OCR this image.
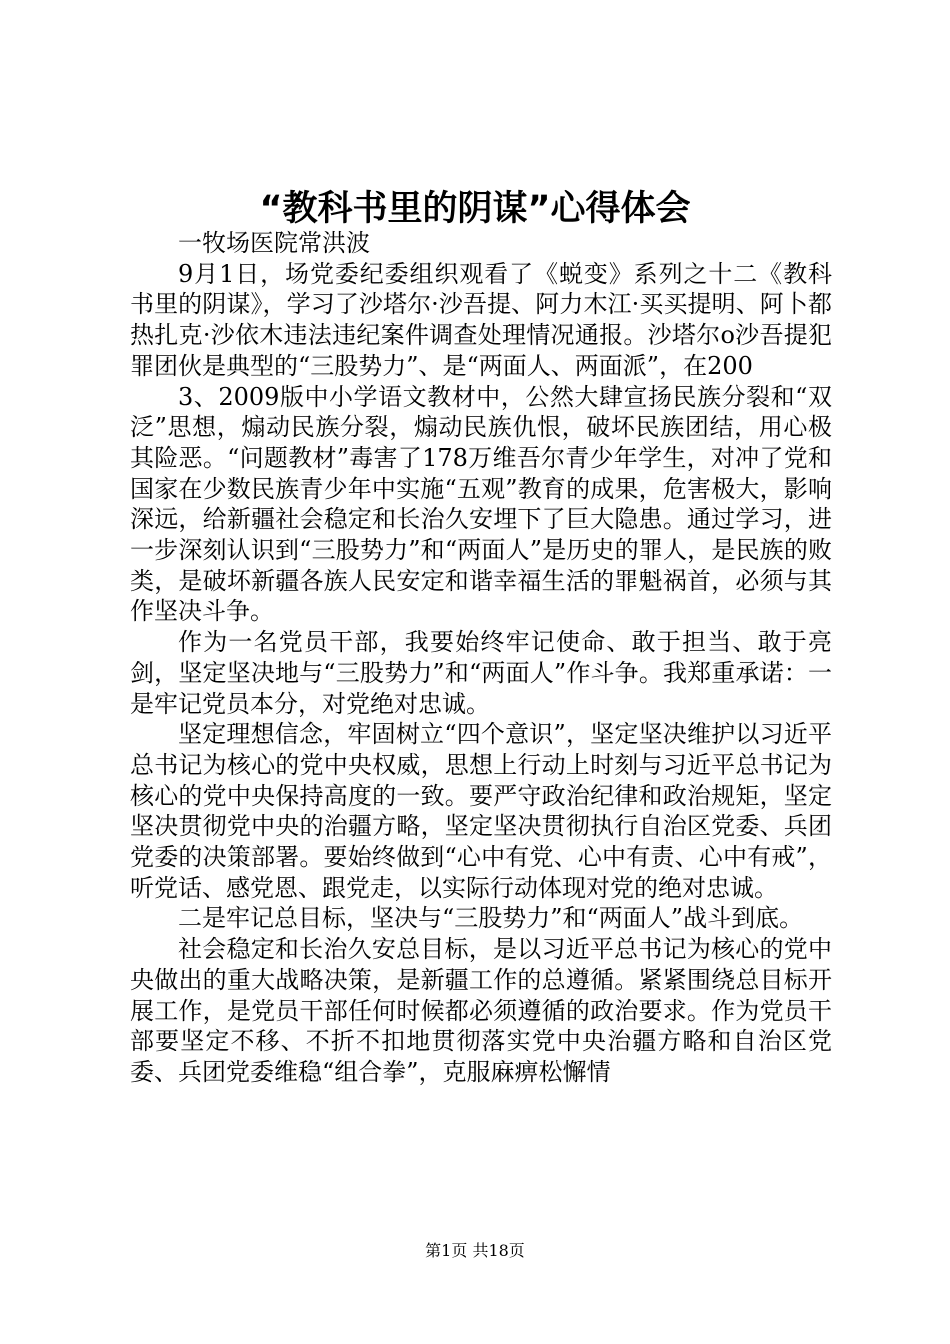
“教科书里的阴谋”心得体会

一牧场医院常洪波

9月1日，场党委纪委组织观看了《蜕变》系列之十二《教科书里的阴谋》，学习了沙塔尔·沙吾提、阿力木江·买买提明、阿卜都热扎克·沙依木违法违纪案件调查处理情况通报。沙塔尔o沙吾提犯罪团伙是典型的“三股势力”、是“两面人、两面派”，在200

3、2009版中小学语文教材中，公然大肆宣扬民族分裂和“双泛”思想，煽动民族分裂，煽动民族仇恨，破坏民族团结，用心极其险恶。“问题教材”毒害了178万维吾尔青少年学生，对冲了党和国家在少数民族青少年中实施“五观”教育的成果，危害极大，影响深远，给新疆社会稳定和长治久安埋下了巨大隐患。通过学习，进一步深刻认识到“三股势力”和“两面人”是历史的罪人，是民族的败类，是破坏新疆各族人民安定和谐幸福生活的罪魁祸首，必须与其作坚决斗争。

作为一名党员干部，我要始终牢记使命、敢于担当、敢于亮剑，坚定坚决地与“三股势力”和“两面人”作斗争。我郑重承诺：一是牢记党员本分，对党绝对忠诚。

坚定理想信念，牢固树立“四个意识”，坚定坚决维护以习近平总书记为核心的党中央权威，思想上行动上时刻与习近平总书记为核心的党中央保持高度的一致。要严守政治纪律和政治规矩，坚定坚决贯彻党中央的治疆方略，坚定坚决贯彻执行自治区党委、兵团党委的决策部署。要始终做到“心中有党、心中有责、心中有戒”，听党话、感党恩、跟党走，以实际行动体现对党的绝对忠诚。

二是牢记总目标，坚决与“三股势力”和“两面人”战斗到底。

社会稳定和长治久安总目标，是以习近平总书记为核心的党中央做出的重大战略决策，是新疆工作的总遵循。紧紧围绕总目标开展工作，是党员干部任何时候都必须遵循的政治要求。作为党员干部要坚定不移、不折不扣地贯彻落实党中央治疆方略和自治区党委、兵团党委维稳“组合拳”，克服麻痹松懈情

第1页 共18页
